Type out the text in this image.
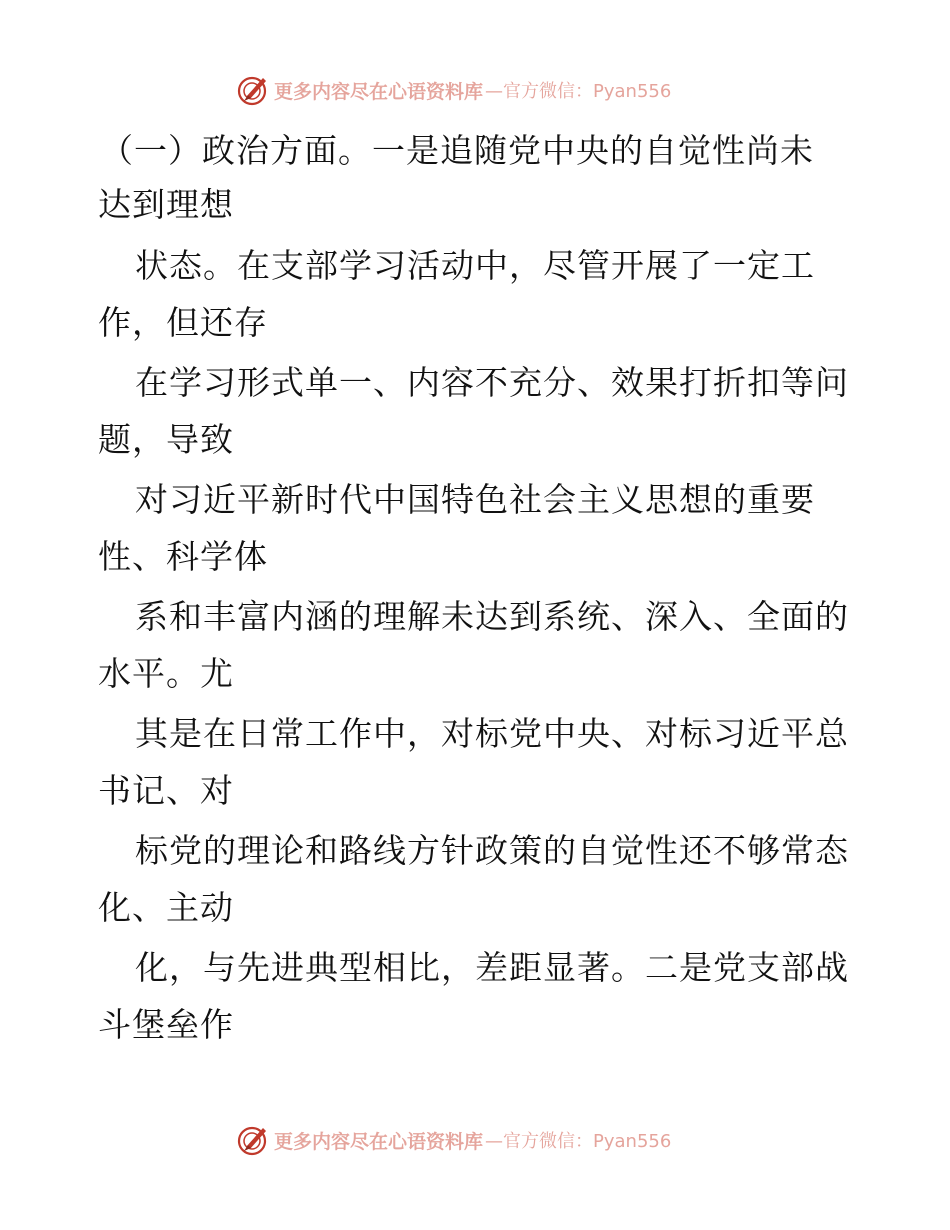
更多内容尽在心语资料库 —官方微信：Pyan556
（一）政治方面。一是追随党中央的自觉性尚未
达到理想
状态。在支部学习活动中，尽管开展了一定工
作，但还存
在学习形式单一、内容不充分、效果打折扣等问
题，导致
对习近平新时代中国特色社会主义思想的重要
性、科学体
系和丰富内涵的理解未达到系统、深入、全面的
水平。尤
其是在日常工作中，对标党中央、对标习近平总
书记、对
标党的理论和路线方针政策的自觉性还不够常态
化、主动
化，与先进典型相比，差距显著。二是党支部战
斗堡垒作
更多内容尽在心语资料库 —官方微信：Pyan556
